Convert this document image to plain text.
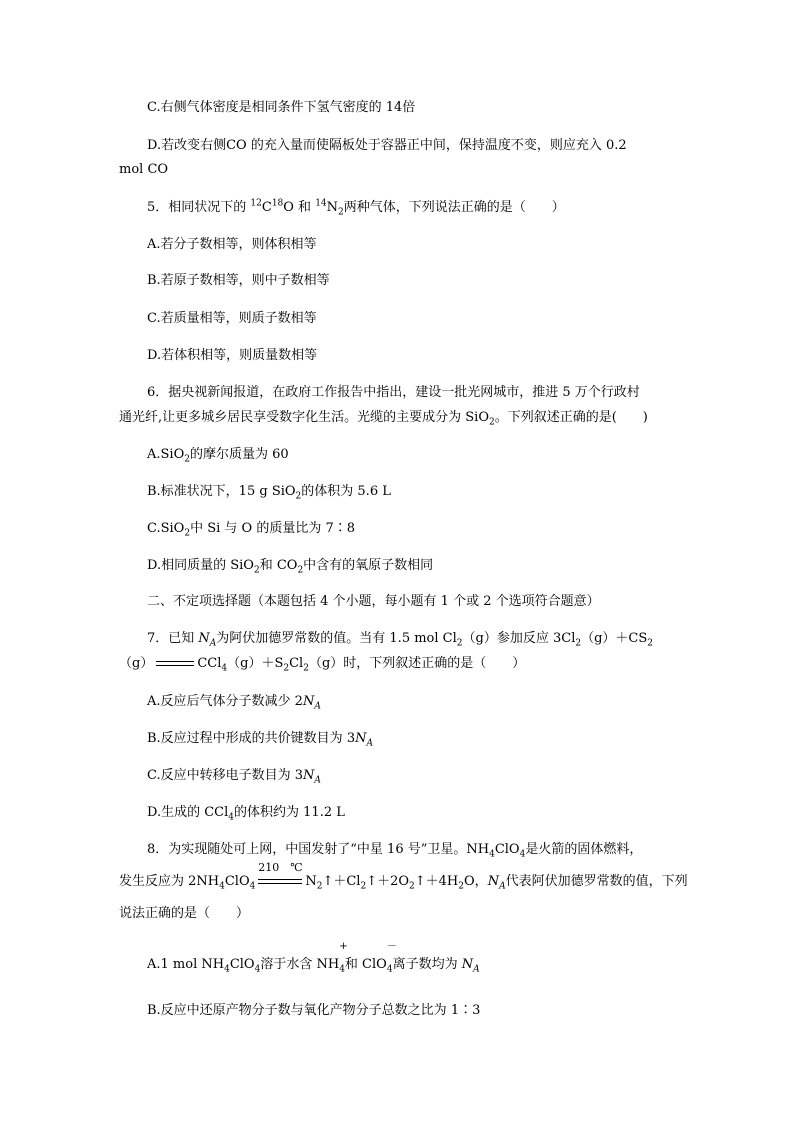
C.右侧气体密度是相同条件下氢气密度的 14倍
D.若改变右侧CO 的充入量而使隔板处于容器正中间，保持温度不变，则应充入 0.2
mol CO
5．相同状况下的 $^{12}C^{18}O$ 和 $^{14}N_2$两种气体，下列说法正确的是（　　）
A.若分子数相等，则体积相等
B.若原子数相等，则中子数相等
C.若质量相等，则质子数相等
D.若体积相等，则质量数相等
6．据央视新闻报道，在政府工作报告中指出，建设一批光网城市，推进 5 万个行政村
通光纤,让更多城乡居民享受数字化生活。光缆的主要成分为 SiO$_2$。下列叙述正确的是(　　)
A.SiO$_2$的摩尔质量为 60
B.标准状况下，15 g SiO$_2$的体积为 5.6 L
C.SiO$_2$中 Si 与 O 的质量比为 7∶8
D.相同质量的 SiO$_2$和 $CO_2$中含有的氧原子数相同
二、不定项选择题（本题包括 4 个小题，每小题有 1 个或 2 个选项符合题意）
7．已知 $N_A$为阿伏加德罗常数的值。当有 1.5 mol $Cl_2(g)$参加反应 $3Cl_2(g)+CS_2$
（g）	$CCl_4(g)+S_2Cl_2(g)$时，下列叙述正确的是（　　）
A.反应后气体分子数减少 $2N_A$
B.反应过程中形成的共价键数目为 $3N_A$
C.反应中转移电子数目为 $3N_A$
D.生成的 CCl$_4$的体积约为 11.2 L
8．为实现随处可上网，中国发射了“中星 16 号”卫星。$NH_4ClO_4$是火箭的固体燃料，
发生反应为 $2NH_4ClO_4$
210　℃
$N_2↑+Cl_2↑+2O_2↑+4H_2O$，$N_A$代表阿伏加德罗常数的值，下列
说法正确的是（　　）
A.1 mol $NH_4ClO_4$溶于水含 NH
+
$_4$和 ClO
－
$_4$离子数均为 $N_A$
B.反应中还原产物分子数与氧化产物分子总数之比为 1∶3
